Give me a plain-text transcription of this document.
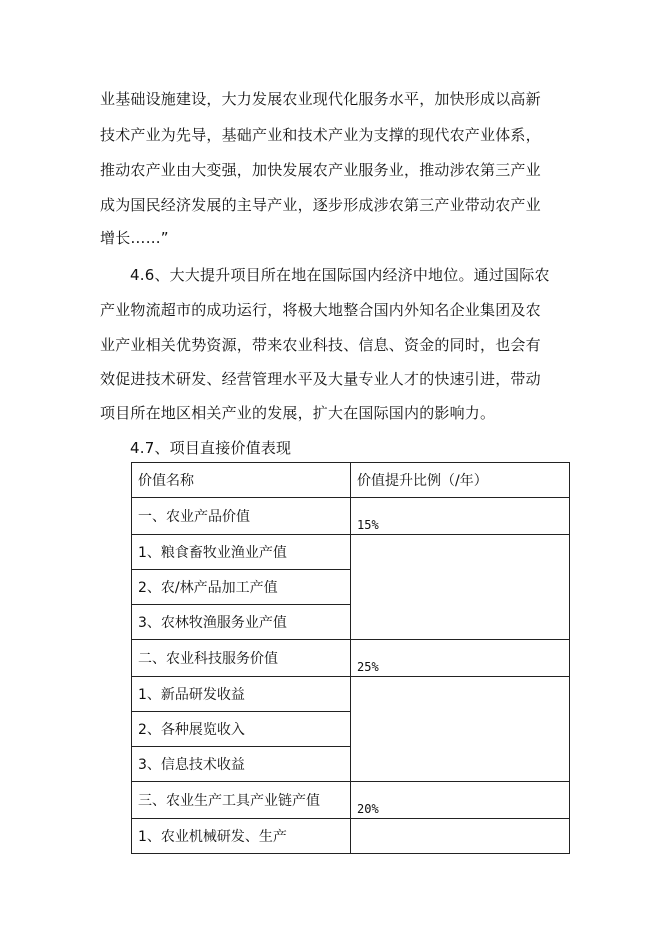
业基础设施建设，大力发展农业现代化服务水平，加快形成以高新
技术产业为先导，基础产业和技术产业为支撑的现代农产业体系，
推动农产业由大变强，加快发展农产业服务业，推动涉农第三产业
成为国民经济发展的主导产业，逐步形成涉农第三产业带动农产业
增长……”
4.6、大大提升项目所在地在国际国内经济中地位。通过国际农
产业物流超市的成功运行，将极大地整合国内外知名企业集团及农
业产业相关优势资源，带来农业科技、信息、资金的同时，也会有
效促进技术研发、经营管理水平及大量专业人才的快速引进，带动
项目所在地区相关产业的发展，扩大在国际国内的影响力。
4.7、项目直接价值表现
价值名称	价值提升比例（/年）
一、农业产品价值	15%
1、粮食畜牧业渔业产值	
2、农/林产品加工产值	
3、农林牧渔服务业产值	
二、农业科技服务价值	25%
1、新品研发收益	
2、各种展览收入	
3、信息技术收益	
三、农业生产工具产业链产值	20%
1、农业机械研发、生产	
